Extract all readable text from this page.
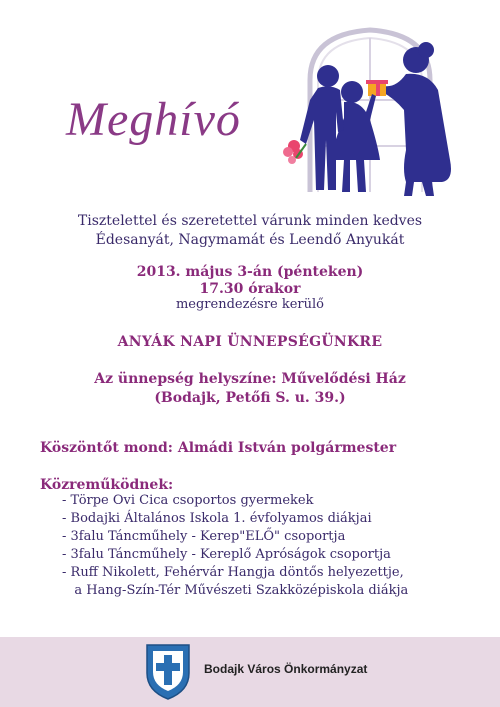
Meghívó
Tisztelettel és szeretettel várunk minden kedves
Édesanyát, Nagymamát és Leendő Anyukát
2013. május 3-án (pénteken)
17.30 órakor
megrendezésre kerülő
ANYÁK NAPI ÜNNEPSÉGÜNKRE
Az ünnepség helyszíne: Művelődési Ház
(Bodajk, Petőfi S. u. 39.)
Köszöntőt mond: Almádi István polgármester
Közreműködnek:
- Törpe Ovi Cica csoportos gyermekek
- Bodajki Általános Iskola 1. évfolyamos diákjai
- 3falu Táncműhely - Kerep"ELŐ" csoportja
- 3falu Táncműhely - Kereplő Apróságok csoportja
- Ruff Nikolett, Fehérvár Hangja döntős helyezettje,
a Hang-Szín-Tér Művészeti Szakközépiskola diákja
Bodajk Város Önkormányzat
